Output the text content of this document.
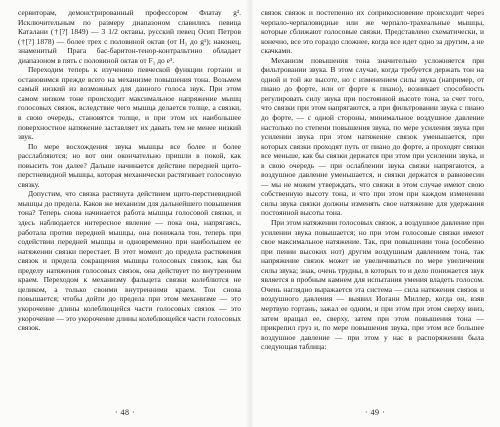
сервиторам, демонстрированный профессором Флатау g³. Исключительным по размеру диапазоном славились певица Каталани (†[?] 1849) — 3 1/2 октавы, русский певец Осип Петров (†[?] 1878) — более трех с половиной октав (от H₁ до g¹); наконец, знаменитый Прага бас-баритон-тенор-контральтино обладает диапазоном в пять с половиной октав от F₁ до e³.

Переходим теперь к изучению певческой функции гортани и остановимся прежде всего на механизме повышения тона. Возьмем самый низкий из возможных для данного голоса звук. При этом самом низком тоне происходит максимальное напряжение мышц голосовых связок, вследствие чего мышца делается толще, а связки, в свою очередь, становятся толще, и при этом их наибольшее поверхностное натяжение заставляет их давать тем не менее низкий звук.

По мере восхождения звука мышцы все более и более расслабляются; но вот они окончательно пришли в покой, как повысить тон далее? Дальше начинается действие передней щито-перстневидной мышцы, которая механически растягивает голосовую связку.

Допустим, что связка растянута действием щито-перстневидной мышцы до предела. Каков же механизм для дальнейшего повышения тона? Теперь снова начинается работа мышцы голосовой связки, и здесь наблюдается интересное явление — пока она, напрягаясь, работала против передней мышцы, она понижала тон, теперь при содействии передней мышцы и одновременно при наибольшем ее натяжении связки перестает. В этот момент до предела растяжения связок и предела сокращения мышцы голосовых связок, как бы пределу натяжения голосовых связок, она действует по внутренним краем. Переходом к механизму фальцета связки колеблются не целиком, а только своими внутренними краем. Тон снова повышается; чтобы дойти до предела при этом механизме — это укорочение длины колеблющейся части голосовых связок — это укорочение — это укорочение длины колеблющейся части голосовых связок.

· 48 ·

связок связок и постепенно их соприкосновение происходит через черпало-черпаловидные или же черпало-трахеальные мышцы, которые сближают голосовые связки. Представлено схематически, и конечно, все это гораздо сложнее, когда все идет одно за другим, а не скачками.

Механизм повышения тона значительно усложняется при фильтровании звука. В этом случае, когда требуется держать тон на одной и той же высоте, но с изменением силы звука (например, от пиано до форте, или от форте к пиано), возникает способность регулировать силу звука при постоянной высоте тона, за счет того, что связки при этом напрягаются, а при фильтровании звука с пиано до форте, — с одной стороны, минимальное воздушное давление настолько по степени повышения звука, по мере усиления звука при усилении звука при этом натяжение связок уменьшается, при которых связки проходят путь от пиано до форте, а проходят связки все меньше, как бы связки держатся при этом при усилении звука, и в свою очередь — при ослаблении звука связки напрягаются, а воздушное давление уменьшается, и связки держатся в равновесии — мы не можем утверждать, что связки в этом случае имеют свою собственную высоту тона, и что при этом при каждом изменении силы звука связки должны изменять свое натяжение для удержания постоянной высоты тона.

При этом натяжении голосовых связок, а воздушное давление при усилении звука повышается; но при этом голосовые связки имеют свое максимальное натяжение. Так, при повышении тона (особенно при пении высоких нот) другим воздушным давлением тона, так напряжение связок может не увеличиваться по мере увеличения силы звука; знак, очень трудны, в которых то и дело понижается звук является в пробным камнем для испытания умения владеть голосом. Очень наглядно выражается эта система — сила натяжения связок и воздушного давления — выявил Иоганн Миллер, когда он, взяв мертвую гортань, зажал ее одним, и при этом при этом сверху вниз, затем вращал ее, сверху, затем при этом повышения тона — прикрепил груз и, по мере повышения звука, при этом все большее воздушное давление — при этом у нас в распоряжении была следующая таблица:

· 49 ·
